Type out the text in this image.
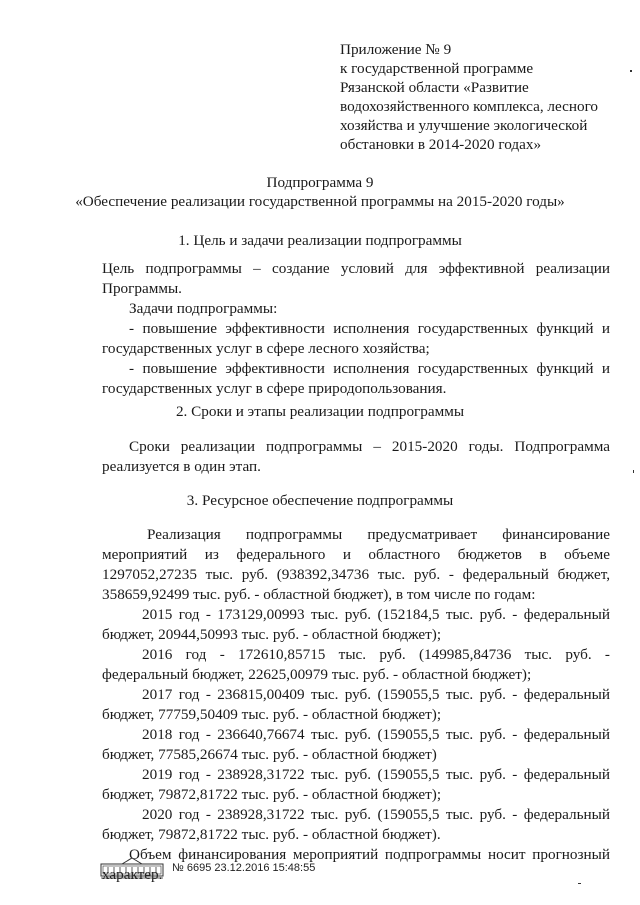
Приложение № 9
к государственной программе
Рязанской области «Развитие
водохозяйственного комплекса, лесного
хозяйства и улучшение экологической
обстановки в 2014-2020 годах»
Подпрограмма 9
«Обеспечение реализации государственной программы на 2015-2020 годы»
1. Цель и задачи реализации подпрограммы
Цель подпрограммы – создание условий для эффективной реализации
Программы.
Задачи подпрограммы:
- повышение эффективности исполнения государственных функций и
государственных услуг в сфере лесного хозяйства;
- повышение эффективности исполнения государственных функций и
государственных услуг в сфере природопользования.
2. Сроки и этапы реализации подпрограммы
Сроки реализации подпрограммы – 2015-2020 годы. Подпрограмма
реализуется в один этап.
3. Ресурсное обеспечение подпрограммы
Реализация подпрограммы предусматривает финансирование
мероприятий из федерального и областного бюджетов в объеме
1297052,27235 тыс. руб. (938392,34736 тыс. руб. - федеральный бюджет,
358659,92499 тыс. руб. - областной бюджет), в том числе по годам:
2015 год - 173129,00993 тыс. руб. (152184,5 тыс. руб. - федеральный
бюджет, 20944,50993 тыс. руб. - областной бюджет);
2016 год - 172610,85715 тыс. руб. (149985,84736 тыс. руб. -
федеральный бюджет, 22625,00979 тыс. руб. - областной бюджет);
2017 год - 236815,00409 тыс. руб. (159055,5 тыс. руб. - федеральный
бюджет, 77759,50409 тыс. руб. - областной бюджет);
2018 год - 236640,76674 тыс. руб. (159055,5 тыс. руб. - федеральный
бюджет, 77585,26674 тыс. руб. - областной бюджет)
2019 год - 238928,31722 тыс. руб. (159055,5 тыс. руб. - федеральный
бюджет, 79872,81722 тыс. руб. - областной бюджет);
2020 год - 238928,31722 тыс. руб. (159055,5 тыс. руб. - федеральный
бюджет, 79872,81722 тыс. руб. - областной бюджет).
Объем финансирования мероприятий подпрограммы носит прогнозный
характер. № 6695 23.12.2016 15:48:55
